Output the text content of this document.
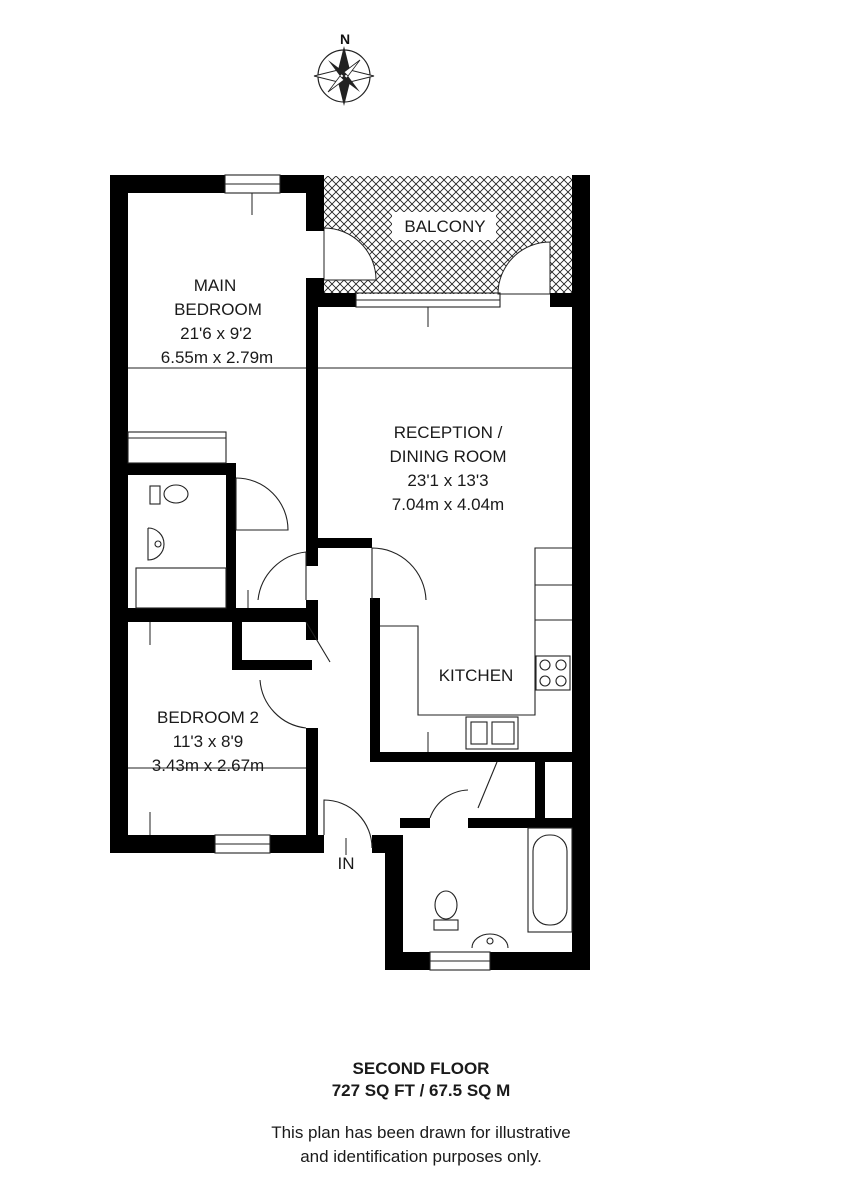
N
MAIN
BEDROOM
21'6 x 9'2
6.55m x 2.79m
BALCONY
RECEPTION /
DINING ROOM
23'1 x 13'3
7.04m x 4.04m
KITCHEN
BEDROOM 2
11'3 x 8'9
3.43m x 2.67m
IN
SECOND FLOOR
727 SQ FT / 67.5 SQ M
This plan has been drawn for illustrative
and identification purposes only.
